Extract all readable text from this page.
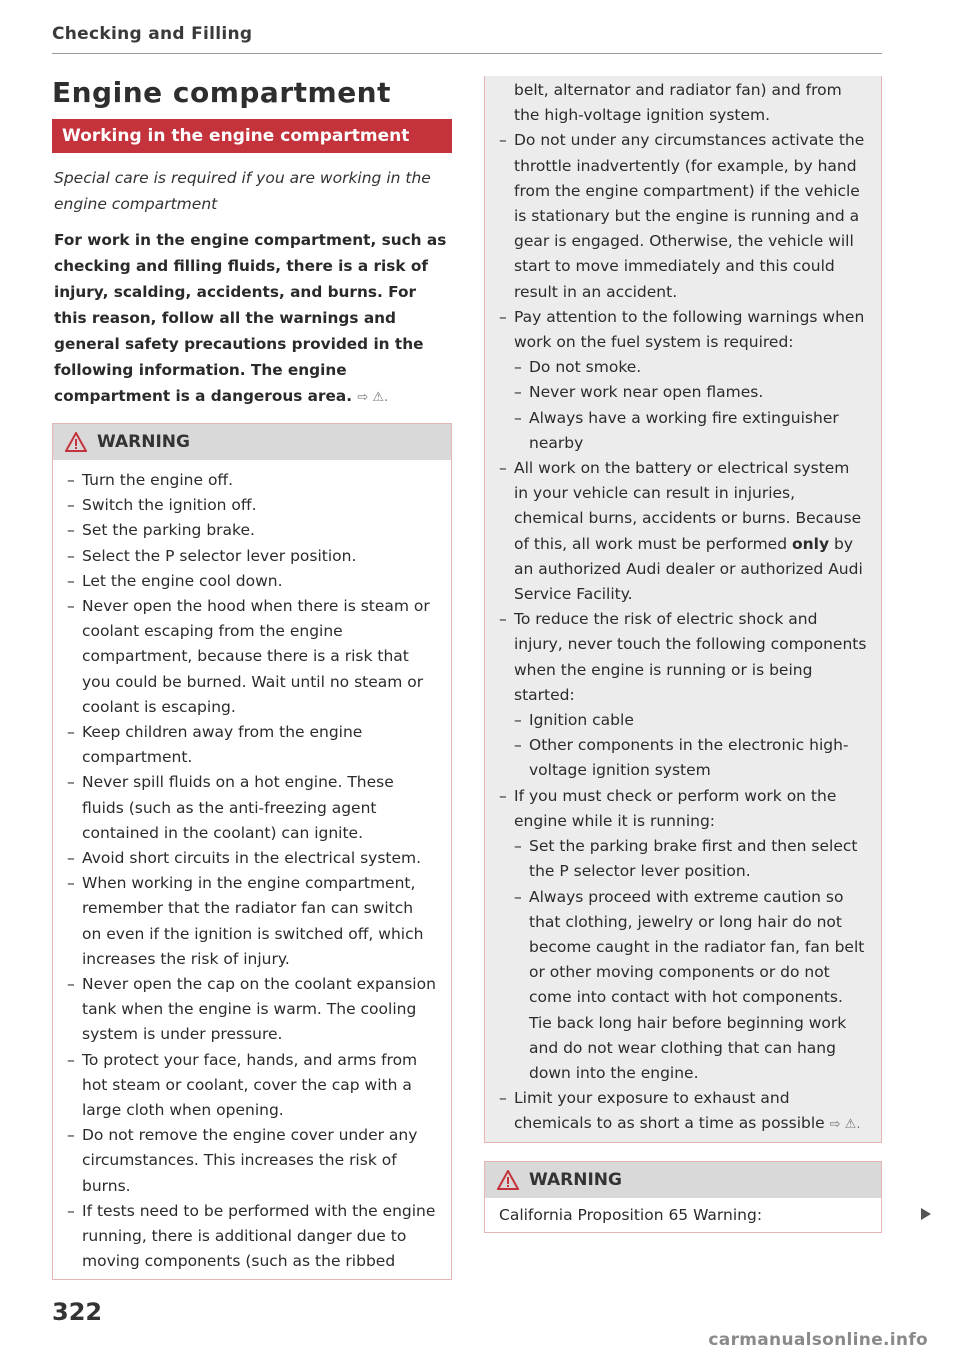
Checking and Filling
Engine compartment
Working in the engine compartment

Special care is required if you are working in the engine compartment

For work in the engine compartment, such as checking and filling fluids, there is a risk of injury, scalding, accidents, and burns. For this reason, follow all the warnings and general safety precautions provided in the following information. The engine compartment is a dangerous area. ⇨ ⚠.

WARNING
– Turn the engine off.
– Switch the ignition off.
– Set the parking brake.
– Select the P selector lever position.
– Let the engine cool down.
– Never open the hood when there is steam or coolant escaping from the engine compartment, because there is a risk that you could be burned. Wait until no steam or coolant is escaping.
– Keep children away from the engine compartment.
– Never spill fluids on a hot engine. These fluids (such as the anti-freezing agent contained in the coolant) can ignite.
– Avoid short circuits in the electrical system.
– When working in the engine compartment, remember that the radiator fan can switch on even if the ignition is switched off, which increases the risk of injury.
– Never open the cap on the coolant expansion tank when the engine is warm. The cooling system is under pressure.
– To protect your face, hands, and arms from hot steam or coolant, cover the cap with a large cloth when opening.
– Do not remove the engine cover under any circumstances. This increases the risk of burns.
– If tests need to be performed with the engine running, there is additional danger due to moving components (such as the ribbed

belt, alternator and radiator fan) and from the high-voltage ignition system.

– Do not under any circumstances activate the throttle inadvertently (for example, by hand from the engine compartment) if the vehicle is stationary but the engine is running and a gear is engaged. Otherwise, the vehicle will start to move immediately and this could result in an accident.
– Pay attention to the following warnings when work on the fuel system is required:
– Do not smoke.
– Never work near open flames.
– Always have a working fire extinguisher nearby
– All work on the battery or electrical system in your vehicle can result in injuries, chemical burns, accidents or burns. Because of this, all work must be performed only by an authorized Audi dealer or authorized Audi Service Facility.
– To reduce the risk of electric shock and injury, never touch the following components when the engine is running or is being started:
– Ignition cable
– Other components in the electronic high-voltage ignition system
– If you must check or perform work on the engine while it is running:
– Set the parking brake first and then select the P selector lever position.
– Always proceed with extreme caution so that clothing, jewelry or long hair do not become caught in the radiator fan, fan belt or other moving components or do not come into contact with hot components. Tie back long hair before beginning work and do not wear clothing that can hang down into the engine.
– Limit your exposure to exhaust and chemicals to as short a time as possible ⇨ ⚠.
WARNING
California Proposition 65 Warning:
322
carmanualsonline.info
